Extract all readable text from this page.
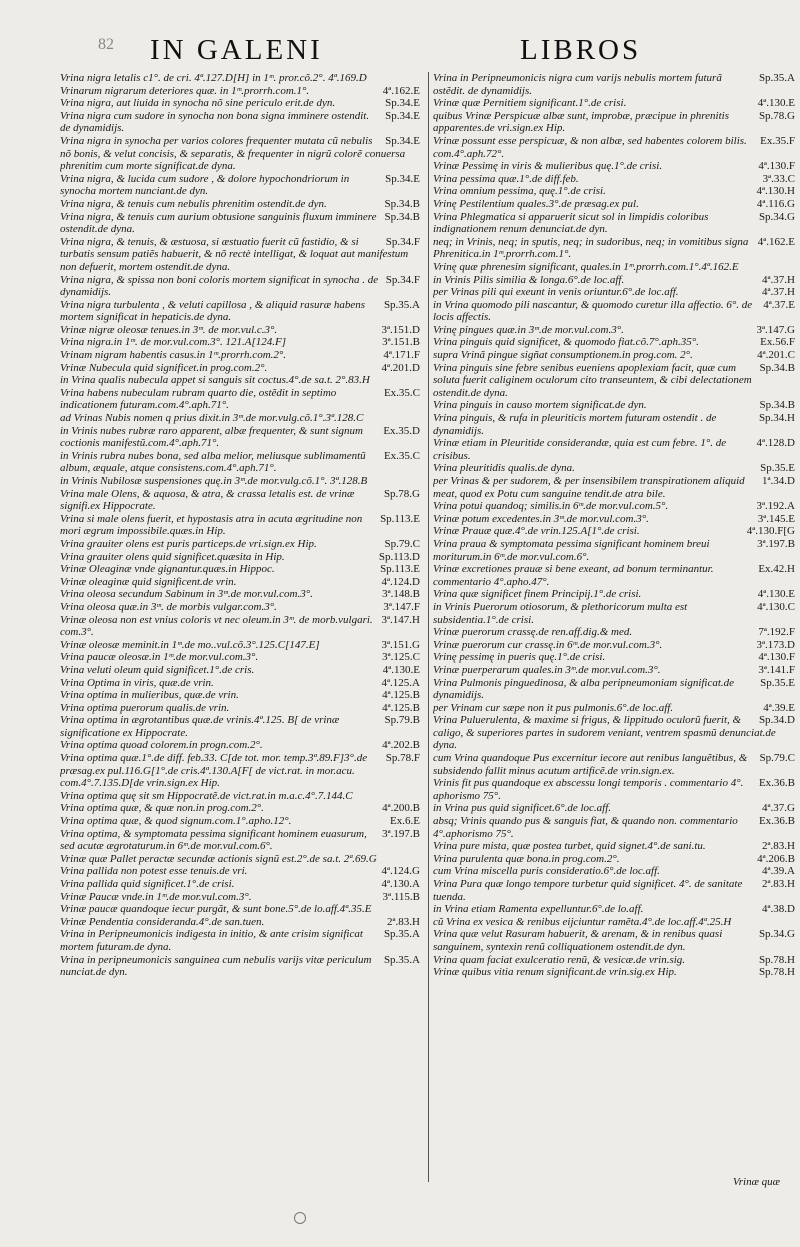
82 IN GALENI	LIBROS

Vrina nigra letalis c1°. de cri. 4ª.127.D[H] in 1ᵐ. pror.cõ.2°. 4ª.169.D

4ª.162.E
Vrinarum nigrarum deteriores quæ. in 1ᵐ.prorrh.com.1°.

Sp.34.E
Vrina nigra, aut liuida in synocha nõ sine periculo erit.de dyn.

Sp.34.E
Vrina nigra cum sudore in synocha non bona signa imminere ostendit. de dynamidijs.

Sp.34.E
Vrina nigra in synocha per varios colores frequenter mutata cũ nebulis nõ bonis, & velut concisis, & separatis, & frequenter in nigrũ colorẽ conuersa phrenitim cum morte significat.de dyna.

Sp.34.E
Vrina nigra, & lucida cum sudore , & dolore hypochondriorum in synocha mortem nunciant.de dyn.

Sp.34.B
Vrina nigra, & tenuis cum nebulis phrenitim ostendit.de dyn.

Sp.34.B
Vrina nigra, & tenuis cum aurium obtusione sanguinis fluxum imminere ostendit.de dyna.

Sp.34.F
Vrina nigra, & tenuis, & æstuosa, si æstuatio fuerit cũ fastidio, & si turbatis sensum patiẽs habuerit, & nõ rectè intelligat, & loquat aut manifestum non defuerit, mortem ostendit.de dyna.

Sp.34.F
Vrina nigra, & spissa non boni coloris mortem significat in synocha . de dynamidijs.

Sp.35.A
Vrina nigra turbulenta , & veluti capillosa , & aliquid rasuræ habens mortem significat in hepaticis.de dyna.

3ª.151.D
Vrinæ nigræ oleosæ tenues.in 3ᵐ. de mor.vul.c.3°.

3ª.151.B
Vrina nigra.in 1ᵐ. de mor.vul.com.3°. 121.A[124.F]

4ª.171.F
Vrinam nigram habentis casus.in 1ᵐ.prorrh.com.2°.

4ª.201.D
Vrinæ Nubecula quid significet.in prog.com.2°.

in Vrina qualis nubecula appet si sanguis sit coctus.4°.de sa.t. 2°.83.H

Ex.35.C
Vrina habens nubeculam rubram quarto die, ostẽdit in septimo indicationem futuram.com.4°.aph.71°.

ad Vrinas Nubis nomen q prius dixit.in 3ᵐ.de mor.vulg.cõ.1°.3ª.128.C

Ex.35.D
in Vrinis nubes rubræ raro apparent, albæ frequenter, & sunt signum coctionis manifestũ.com.4°.aph.71°.

Ex.35.C
in Vrinis rubra nubes bona, sed alba melior, meliusque sublimamentũ album, æquale, atque consistens.com.4°.aph.71°.

in Vrinis Nubilosæ suspensiones quę.in 3ᵐ.de mor.vulg.cõ.1°. 3ª.128.B

Sp.78.G
Vrina male Olens, & aquosa, & atra, & crassa letalis est. de vrinæ signifi.ex Hippocrate.

Sp.113.E
Vrina si male olens fuerit, et hypostasis atra in acuta ægritudine non mori ægrum impossibile.quæs.in Hip.

Sp.79.C
Vrina grauiter olens est puris particeps.de vri.sign.ex Hip.

Sp.113.D
Vrina grauiter olens quid significet.quæsita in Hip.

Sp.113.E
Vrinæ Oleaginæ vnde gignantur.quæs.in Hippoc.

4ª.124.D
Vrinæ oleaginæ quid significent.de vrin.

3ª.148.B
Vrina oleosa secundum Sabinum in 3ᵐ.de mor.vul.com.3°.

3ª.147.F
Vrina oleosa quæ.in 3ᵐ. de morbis vulgar.com.3°.

3ª.147.H
Vrinæ oleosa non est vnius coloris vt nec oleum.in 3ᵐ. de morb.vulgari. com.3°.

3ª.151.G
Vrinæ oleosæ meminit.in 1ᵐ.de mo..vul.cõ.3°.125.C[147.E]

3ª.125.C
Vrina paucæ oleosæ.in 1ᵐ.de mor.vul.com.3°.

4ª.130.E
Vrina veluti oleum quid significet.1°.de cris.

4ª.125.A
Vrina Optima in viris, quæ.de vrin.

4ª.125.B
Vrina optima in mulieribus, quæ.de vrin.

4ª.125.B
Vrina optima puerorum qualis.de vrin.

Sp.79.B
Vrina optima in ægrotantibus quæ.de vrinis.4ª.125. B[ de vrinæ significatione ex Hippocrate.

4ª.202.B
Vrina optima quoad colorem.in progn.com.2°.

Sp.78.F
Vrina optima quæ.1°.de diff. feb.33. C[de tot. mor. temp.3ª.89.F]3°.de præsag.ex pul.116.G[1°.de cris.4ª.130.A[F[ de vict.rat. in mor.acu. com.4°.7.135.D[de vrin.sign.ex Hip.

Vrina optima quę sit sm Hippocratẽ.de vict.rat.in m.a.c.4°.7.144.C

4ª.200.B
Vrina optima quæ, & quæ non.in prog.com.2°.

Ex.6.E
Vrina optima quæ, & quod signum.com.1°.apho.12°.

3ª.197.B
Vrina optima, & symptomata pessima significant hominem euasurum, sed acutæ ægrotaturum.in 6ᵐ.de mor.vul.com.6°.

Vrinæ quæ Pallet peractæ secundæ actionis signũ est.2°.de sa.t. 2ª.69.G

4ª.124.G
Vrina pallida non potest esse tenuis.de vri.

4ª.130.A
Vrina pallida quid significet.1°.de crisi.

3ª.115.B
Vrinæ Paucæ vnde.in 1ᵐ.de mor.vul.com.3°.

Vrinæ paucæ quandoque iecur purgãt, & sunt bone.5°.de lo.aff.4ª.35.E

2ª.83.H
Vrinæ Pendentia consideranda.4°.de san.tuen.

Sp.35.A
Vrina in Peripneumonicis indigesta in initio, & ante crisim significat mortem futuram.de dyna.

Sp.35.A
Vrina in peripneumonicis sanguinea cum nebulis varijs vitæ periculum nunciat.de dyn.

Sp.35.A
Vrina in Peripneumonicis nigra cum varijs nebulis mortem futurã ostẽdit. de dynamidijs.

4ª.130.E
Vrinæ quæ Pernitiem significant.1°.de crisi.

Sp.78.G
quibus Vrinæ Perspicuæ albæ sunt, improbæ, præcipue in phrenitis apparentes.de vri.sign.ex Hip.

Ex.35.F
Vrinæ possunt esse perspicuæ, & non albæ, sed habentes colorem bilis. com.4°.aph.72°.

4ª.130.F
Vrinæ Pessimę in viris & mulieribus quę.1°.de crisi.

3ª.33.C
Vrina pessima quæ.1°.de diff.feb.

4ª.130.H
Vrina omnium pessima, quę.1°.de crisi.

4ª.116.G
Vrinę Pestilentium quales.3°.de præsag.ex pul.

Sp.34.G
Vrina Phlegmatica si apparuerit sicut sol in limpidis coloribus indignationem renum denunciat.de dyn.

4ª.162.E
neq; in Vrinis, neq; in sputis, neq; in sudoribus, neq; in vomitibus signa Phrenitica.in 1ᵐ.prorrh.com.1°.

Vrinę quæ phrenesim significant, quales.in 1ᵐ.prorrh.com.1°.4ª.162.E

4ª.37.H
in Vrinis Pilis similia & longa.6°.de loc.aff.

4ª.37.H
per Vrinas pili qui exeunt in venis oriuntur.6°.de loc.aff.

4ª.37.E
in Vrina quomodo pili nascantur, & quomodo curetur illa affectio. 6°. de locis affectis.

3ª.147.G
Vrinę pingues quæ.in 3ᵐ.de mor.vul.com.3°.

Ex.56.F
Vrina pinguis quid significet, & quomodo fiat.cõ.7°.aph.35°.

4ª.201.C
supra Vrinã pingue sigñat consumptionem.in prog.com. 2°.

Sp.34.B
Vrina pinguis sine febre senibus eueniens apoplexiam facit, quæ cum soluta fuerit caliginem oculorum cito transeuntem, & cibi delectationem ostendit.de dyna.

Sp.34.B
Vrina pinguis in causo mortem significat.de dyn.

Sp.34.H
Vrina pinguis, & rufa in pleuriticis mortem futuram ostendit . de dynamidijs.

4ª.128.D
Vrinæ etiam in Pleuritide considerandæ, quia est cum febre. 1°. de crisibus.

Sp.35.E
Vrina pleuritidis qualis.de dyna.

1ª.34.D
per Vrinas & per sudorem, & per insensibilem transpirationem aliquid meat, quod ex Potu cum sanguine tendit.de atra bile.

3ª.192.A
Vrina potui quandoq; similis.in 6ᵐ.de mor.vul.com.5°.

3ª.145.E
Vrinæ potum excedentes.in 3ᵐ.de mor.vul.com.3°.

4ª.130.F[G
Vrinæ Prauæ quæ.4°.de vrin.125.A[1°.de crisi.

3ª.197.B
Vrina praua & symptomata pessima significant hominem breui moriturum.in 6ᵐ.de mor.vul.com.6°.

Ex.42.H
Vrinæ excretiones prauæ si bene exeant, ad bonum terminantur. commentario 4°.apho.47°.

4ª.130.E
Vrina quæ significet finem Principij.1°.de crisi.

4ª.130.C
in Vrinis Puerorum otiosorum, & plethoricorum multa est subsidentia.1°.de crisi.

7ª.192.F
Vrinæ puerorum crassę.de ren.aff.dig.& med.

3ª.173.D
Vrinæ puerorum cur crassę.in 6ᵐ.de mor.vul.com.3°.

4ª.130.F
Vrinę pessimę in pueris quę.1°.de crisi.

3ª.141.F
Vrinæ puerperarum quales.in 3ᵐ.de mor.vul.com.3°.

Sp.35.E
Vrina Pulmonis pinguedinosa, & alba peripneumoniam significat.de dynamidijs.

4ª.39.E
per Vrinam cur sæpe non it pus pulmonis.6°.de loc.aff.

Sp.34.D
Vrina Puluerulenta, & maxime si frigus, & lippitudo oculorũ fuerit, & caligo, & superiores partes in sudorem veniant, ventrem spasmũ denunciat.de dyna.

Sp.79.C
cum Vrina quandoque Pus excernitur iecore aut renibus languẽtibus, & subsidendo fallit minus acutum artificẽ.de vrin.sign.ex.

Ex.36.B
Vrinis fit pus quandoque ex abscessu longi temporis . commentario 4°. aphorismo 75°.

4ª.37.G
in Vrina pus quid significet.6°.de loc.aff.

Ex.36.B
absq; Vrinis quando pus & sanguis fiat, & quando non. commentario 4°.aphorismo 75°.

2ª.83.H
Vrina pure mista, quæ postea turbet, quid signet.4°.de sani.tu.

4ª.206.B
Vrina purulenta quæ bona.in prog.com.2°.

4ª.39.A
cum Vrina miscella puris consideratio.6°.de loc.aff.

2ª.83.H
Vrina Pura quæ longo tempore turbetur quid significet. 4°. de sanitate tuenda.

4ª.38.D
in Vrina etiam Ramenta expelluntur.6°.de lo.aff.

cũ Vrina ex vesica & renibus eijciuntur ramẽta.4°.de loc.aff.4ª.25.H

Sp.34.G
Vrina quæ velut Rasuram habuerit, & arenam, & in renibus quasi sanguinem, syntexin renũ colliquationem ostendit.de dyn.

Sp.78.H
Vrina quam faciat exulceratio renũ, & vesicæ.de vrin.sig.

Sp.78.H
Vrinæ quibus vitia renum significant.de vrin.sig.ex Hip.

Vrinæ quæ
